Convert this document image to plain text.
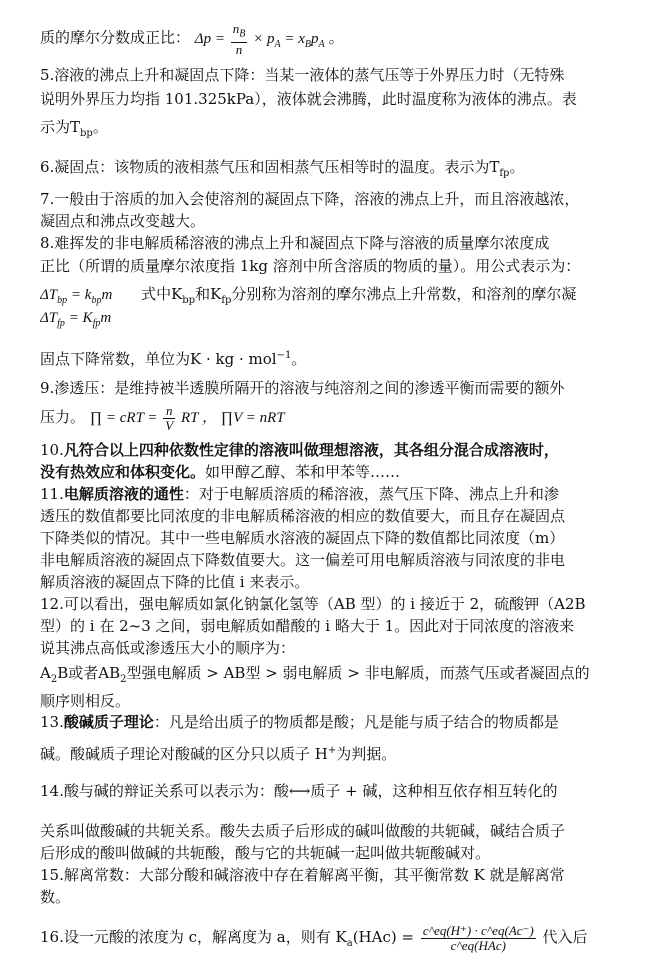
质的摩尔分数成正比： $\Delta p = \frac{n_B}{n} \times p_A = x_Bp_A$ 。
5.溶液的沸点上升和凝固点下降：当某一液体的蒸气压等于外界压力时（无特殊
说明外界压力均指 101.325kPa），液体就会沸腾，此时温度称为液体的沸点。表
示为$T_{bp}$。
6.凝固点：该物质的液相蒸气压和固相蒸气压相等时的温度。表示为$T_{fp}$。
7.一般由于溶质的加入会使溶剂的凝固点下降，溶液的沸点上升，而且溶液越浓，
凝固点和沸点改变越大。
8.难挥发的非电解质稀溶液的沸点上升和凝固点下降与溶液的质量摩尔浓度成
正比（所谓的质量摩尔浓度指 1kg 溶剂中所含溶质的物质的量）。用公式表示为：
$\Delta T_{bp} = k_{bp}m$ 式中$K_{bp}$和$K_{fp}$分别称为溶剂的摩尔沸点上升常数，和溶剂的摩尔凝
$\Delta T_{fp} = K_{fp}m$
固点下降常数，单位为K · kg · mol$^{-1}$。
9.渗透压：是维持被半透膜所隔开的溶液与纯溶剂之间的渗透平衡而需要的额外
压力。 ∏ = cRT = $\frac{n}{V}$ RT ， ∏V = nRT
10.凡符合以上四种依数性定律的溶液叫做理想溶液，其各组分混合成溶液时，
没有热效应和体积变化。如甲醇乙醇、苯和甲苯等……
11.电解质溶液的通性：对于电解质溶质的稀溶液，蒸气压下降、沸点上升和渗
透压的数值都要比同浓度的非电解质稀溶液的相应的数值要大，而且存在凝固点
下降类似的情况。其中一些电解质水溶液的凝固点下降的数值都比同浓度（m）
非电解质溶液的凝固点下降数值要大。这一偏差可用电解质溶液与同浓度的非电
解质溶液的凝固点下降的比值 i 来表示。
12.可以看出，强电解质如氯化钠氯化氢等（AB 型）的 i 接近于 2，硫酸钾（A2B
型）的 i 在 2~3 之间，弱电解质如醋酸的 i 略大于 1。因此对于同浓度的溶液来
说其沸点高低或渗透压大小的顺序为：
$A_2B$或者$AB_2$型强电解质 > AB型 > 弱电解质 > 非电解质，而蒸气压或者凝固点的
顺序则相反。
13.酸碱质子理论：凡是给出质子的物质都是酸；凡是能与质子结合的物质都是
碱。酸碱质子理论对酸碱的区分只以质子 H+为判据。
14.酸与碱的辩证关系可以表示为：酸⟷质子 + 碱，这种相互依存相互转化的
关系叫做酸碱的共轭关系。酸失去质子后形成的碱叫做酸的共轭碱，碱结合质子
后形成的酸叫做碱的共轭酸，酸与它的共轭碱一起叫做共轭酸碱对。
15.解离常数：大部分酸和碱溶液中存在着解离平衡，其平衡常数 K 就是解离常
数。
16.设一元酸的浓度为 c，解离度为 a，则有 $K_a(HAc) = \frac{c\^{}eq(H^+) \cdot c\^{}eq(Ac^-)}{\text{c\textasciicircum{}eq(HAc)}}$ 代入后
